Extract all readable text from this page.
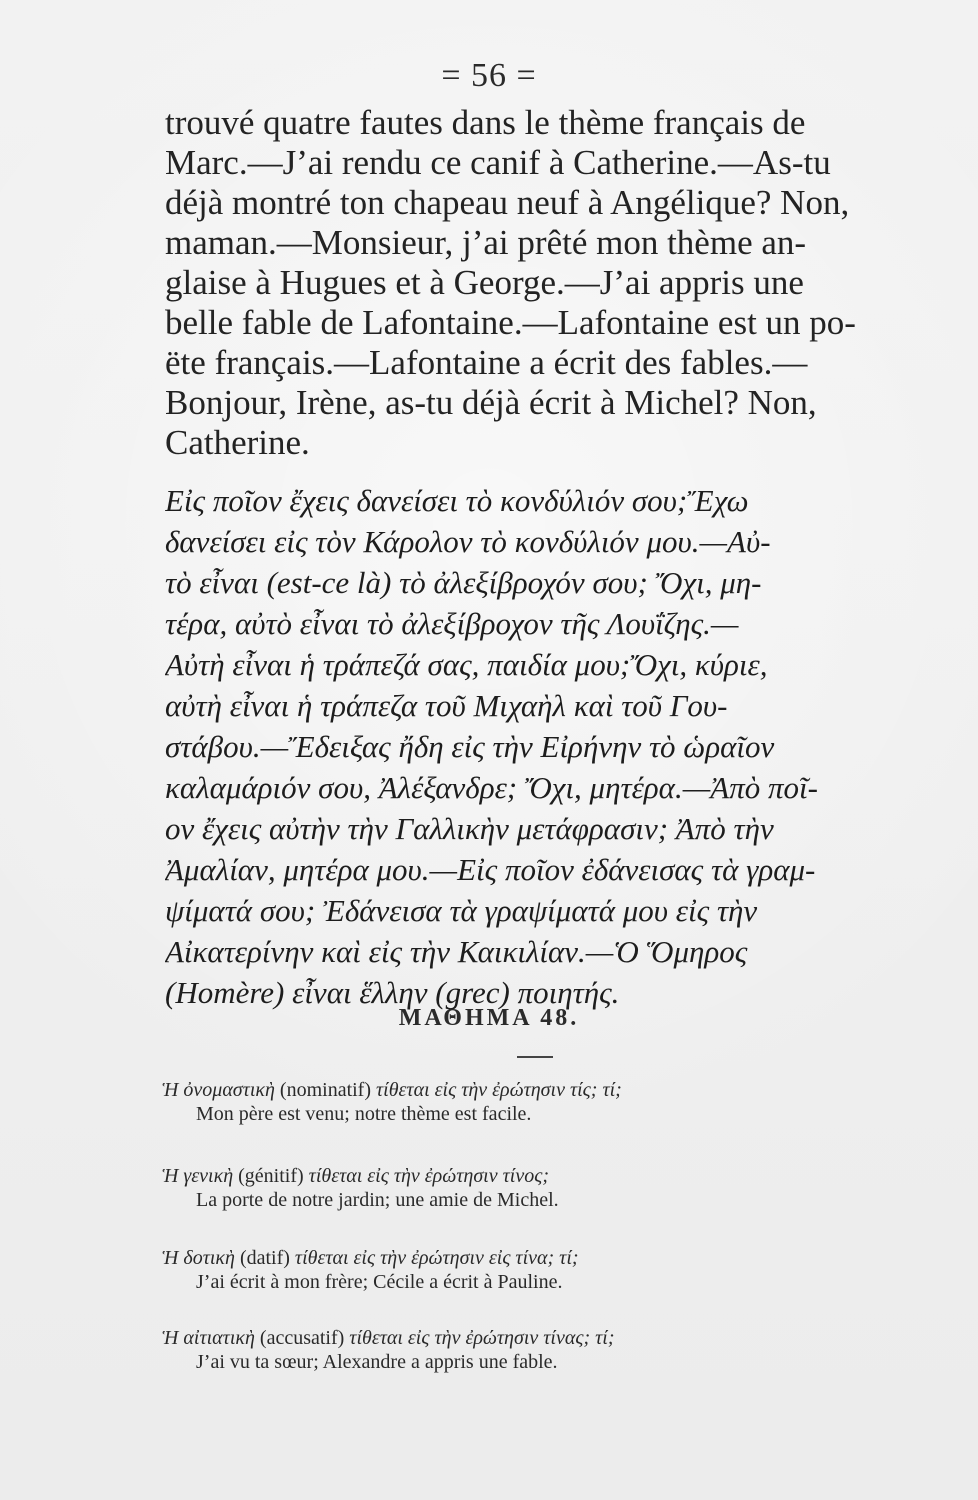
= 56 =

trouvé quatre fautes dans le thème français de

Marc.—J’ai rendu ce canif à Catherine.—As-tu

déjà montré ton chapeau neuf à Angélique? Non,

maman.—Monsieur, j’ai prêté mon thème an-

glaise à Hugues et à George.—J’ai appris une

belle fable de Lafontaine.—Lafontaine est un po-

ëte français.—Lafontaine a écrit des fables.—

Bonjour, Irène, as-tu déjà écrit à Michel? Non,

Catherine.

Εἰς ποῖον ἔχεις δανείσει τὸ κονδύλιόν σου;Ἔχω

δανείσει εἰς τὸν Κάρολον τὸ κονδύλιόν μου.—Αὐ-

τὸ εἶναι (est-ce là) τὸ ἀλεξίβροχόν σου; Ὄχι, μη-

τέρα, αὐτὸ εἶναι τὸ ἀλεξίβροχον τῆς Λουΐζης.—

Αὐτὴ εἶναι ἡ τράπεζά σας, παιδία μου;Ὄχι, κύριε,

αὐτὴ εἶναι ἡ τράπεζα τοῦ Μιχαὴλ καὶ τοῦ Γου-

στάβου.—Ἔδειξας ἤδη εἰς τὴν Εἰρήνην τὸ ὡραῖον

καλαμάριόν σου, Ἀλέξανδρε; Ὄχι, μητέρα.—Ἀπὸ ποῖ-

ον ἔχεις αὐτὴν τὴν Γαλλικὴν μετάφρασιν; Ἀπὸ τὴν

Ἀμαλίαν, μητέρα μου.—Εἰς ποῖον ἐδάνεισας τὰ γραμ-

ψίματά σου; Ἐδάνεισα τὰ γραψίματά μου εἰς τὴν

Αἰκατερίνην καὶ εἰς τὴν Καικιλίαν.—Ὁ Ὅμηρος

(Homère) εἶναι ἕλλην (grec) ποιητής.

ΜΑΘΗΜΑ 48.
Ἡ ὀνομαστικὴ (nominatif) τίθεται εἰς τὴν ἐρώτησιν τίς; τί;
Mon père est venu; notre thème est facile.
Ἡ γενικὴ (génitif) τίθεται εἰς τὴν ἐρώτησιν τίνος;
La porte de notre jardin; une amie de Michel.
Ἡ δοτικὴ (datif) τίθεται εἰς τὴν ἐρώτησιν εἰς τίνα; τί;
J’ai écrit à mon frère; Cécile a écrit à Pauline.
Ἡ αἰτιατικὴ (accusatif) τίθεται εἰς τὴν ἐρώτησιν τίνας; τί;
J’ai vu ta sœur; Alexandre a appris une fable.
